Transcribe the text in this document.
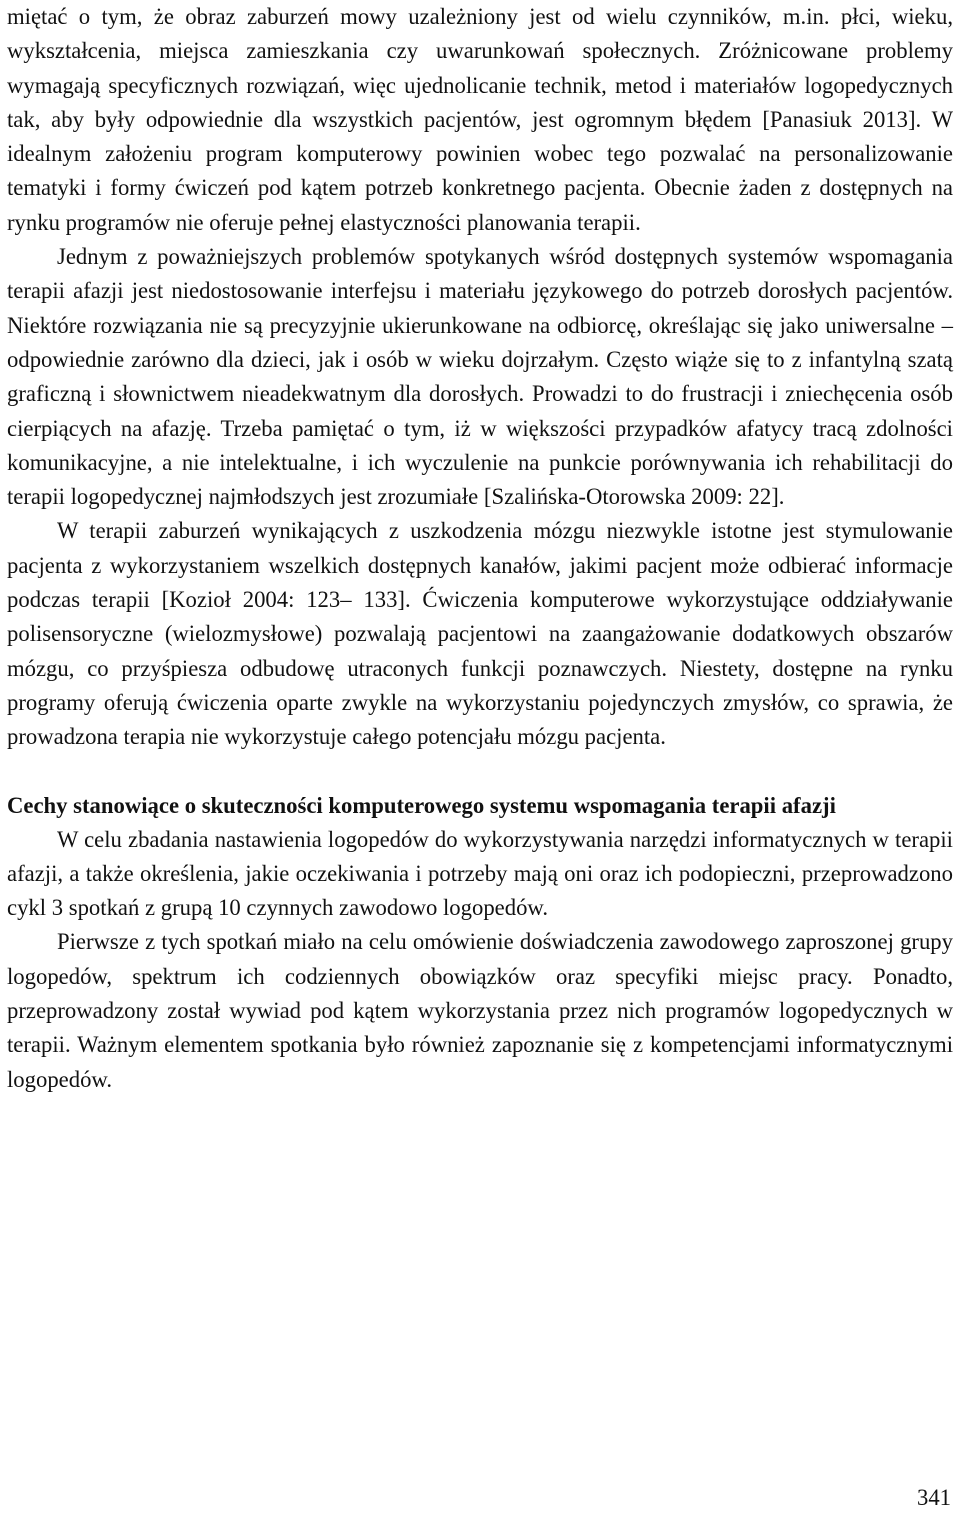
miętać o tym, że obraz zaburzeń mowy uzależniony jest od wielu czynników, m.in. płci, wieku, wykształcenia, miejsca zamieszkania czy uwarunkowań społecznych. Zróżnicowane problemy wymagają specyficznych rozwiązań, więc ujednolicanie technik, metod i materiałów logopedycznych tak, aby były odpowiednie dla wszystkich pacjentów, jest ogromnym błędem [Panasiuk 2013]. W idealnym założeniu program komputerowy powinien wobec tego pozwalać na personalizowanie tematyki i formy ćwiczeń pod kątem potrzeb konkretnego pacjenta. Obecnie żaden z dostępnych na rynku programów nie oferuje pełnej elastyczności planowania terapii.

Jednym z poważniejszych problemów spotykanych wśród dostępnych systemów wspomagania terapii afazji jest niedostosowanie interfejsu i materiału językowego do potrzeb dorosłych pacjentów. Niektóre rozwiązania nie są precyzyjnie ukierunkowane na odbiorcę, określając się jako uniwersalne – odpowiednie zarówno dla dzieci, jak i osób w wieku dojrzałym. Często wiąże się to z infantylną szatą graficzną i słownictwem nieadekwatnym dla dorosłych. Prowadzi to do frustracji i zniechęcenia osób cierpiących na afazję. Trzeba pamiętać o tym, iż w większości przypadków afatycy tracą zdolności komunikacyjne, a nie intelektualne, i ich wyczulenie na punkcie porównywania ich rehabilitacji do terapii logopedycznej najmłodszych jest zrozumiałe [Szalińska-Otorowska 2009: 22].

W terapii zaburzeń wynikających z uszkodzenia mózgu niezwykle istotne jest stymulowanie pacjenta z wykorzystaniem wszelkich dostępnych kanałów, jakimi pacjent może odbierać informacje podczas terapii [Kozioł 2004: 123– 133]. Ćwiczenia komputerowe wykorzystujące oddziaływanie polisensoryczne (wielozmysłowe) pozwalają pacjentowi na zaangażowanie dodatkowych obszarów mózgu, co przyśpiesza odbudowę utraconych funkcji poznawczych. Niestety, dostępne na rynku programy oferują ćwiczenia oparte zwykle na wykorzystaniu pojedynczych zmysłów, co sprawia, że prowadzona terapia nie wykorzystuje całego potencjału mózgu pacjenta.

Cechy stanowiące o skuteczności komputerowego systemu wspomagania terapii afazji

W celu zbadania nastawienia logopedów do wykorzystywania narzędzi informatycznych w terapii afazji, a także określenia, jakie oczekiwania i potrzeby mają oni oraz ich podopieczni, przeprowadzono cykl 3 spotkań z grupą 10 czynnych zawodowo logopedów.

Pierwsze z tych spotkań miało na celu omówienie doświadczenia zawodowego zaproszonej grupy logopedów, spektrum ich codziennych obowiązków oraz specyfiki miejsc pracy. Ponadto, przeprowadzony został wywiad pod kątem wykorzystania przez nich programów logopedycznych w terapii. Ważnym elementem spotkania było również zapoznanie się z kompetencjami informatycznymi logopedów.

341
